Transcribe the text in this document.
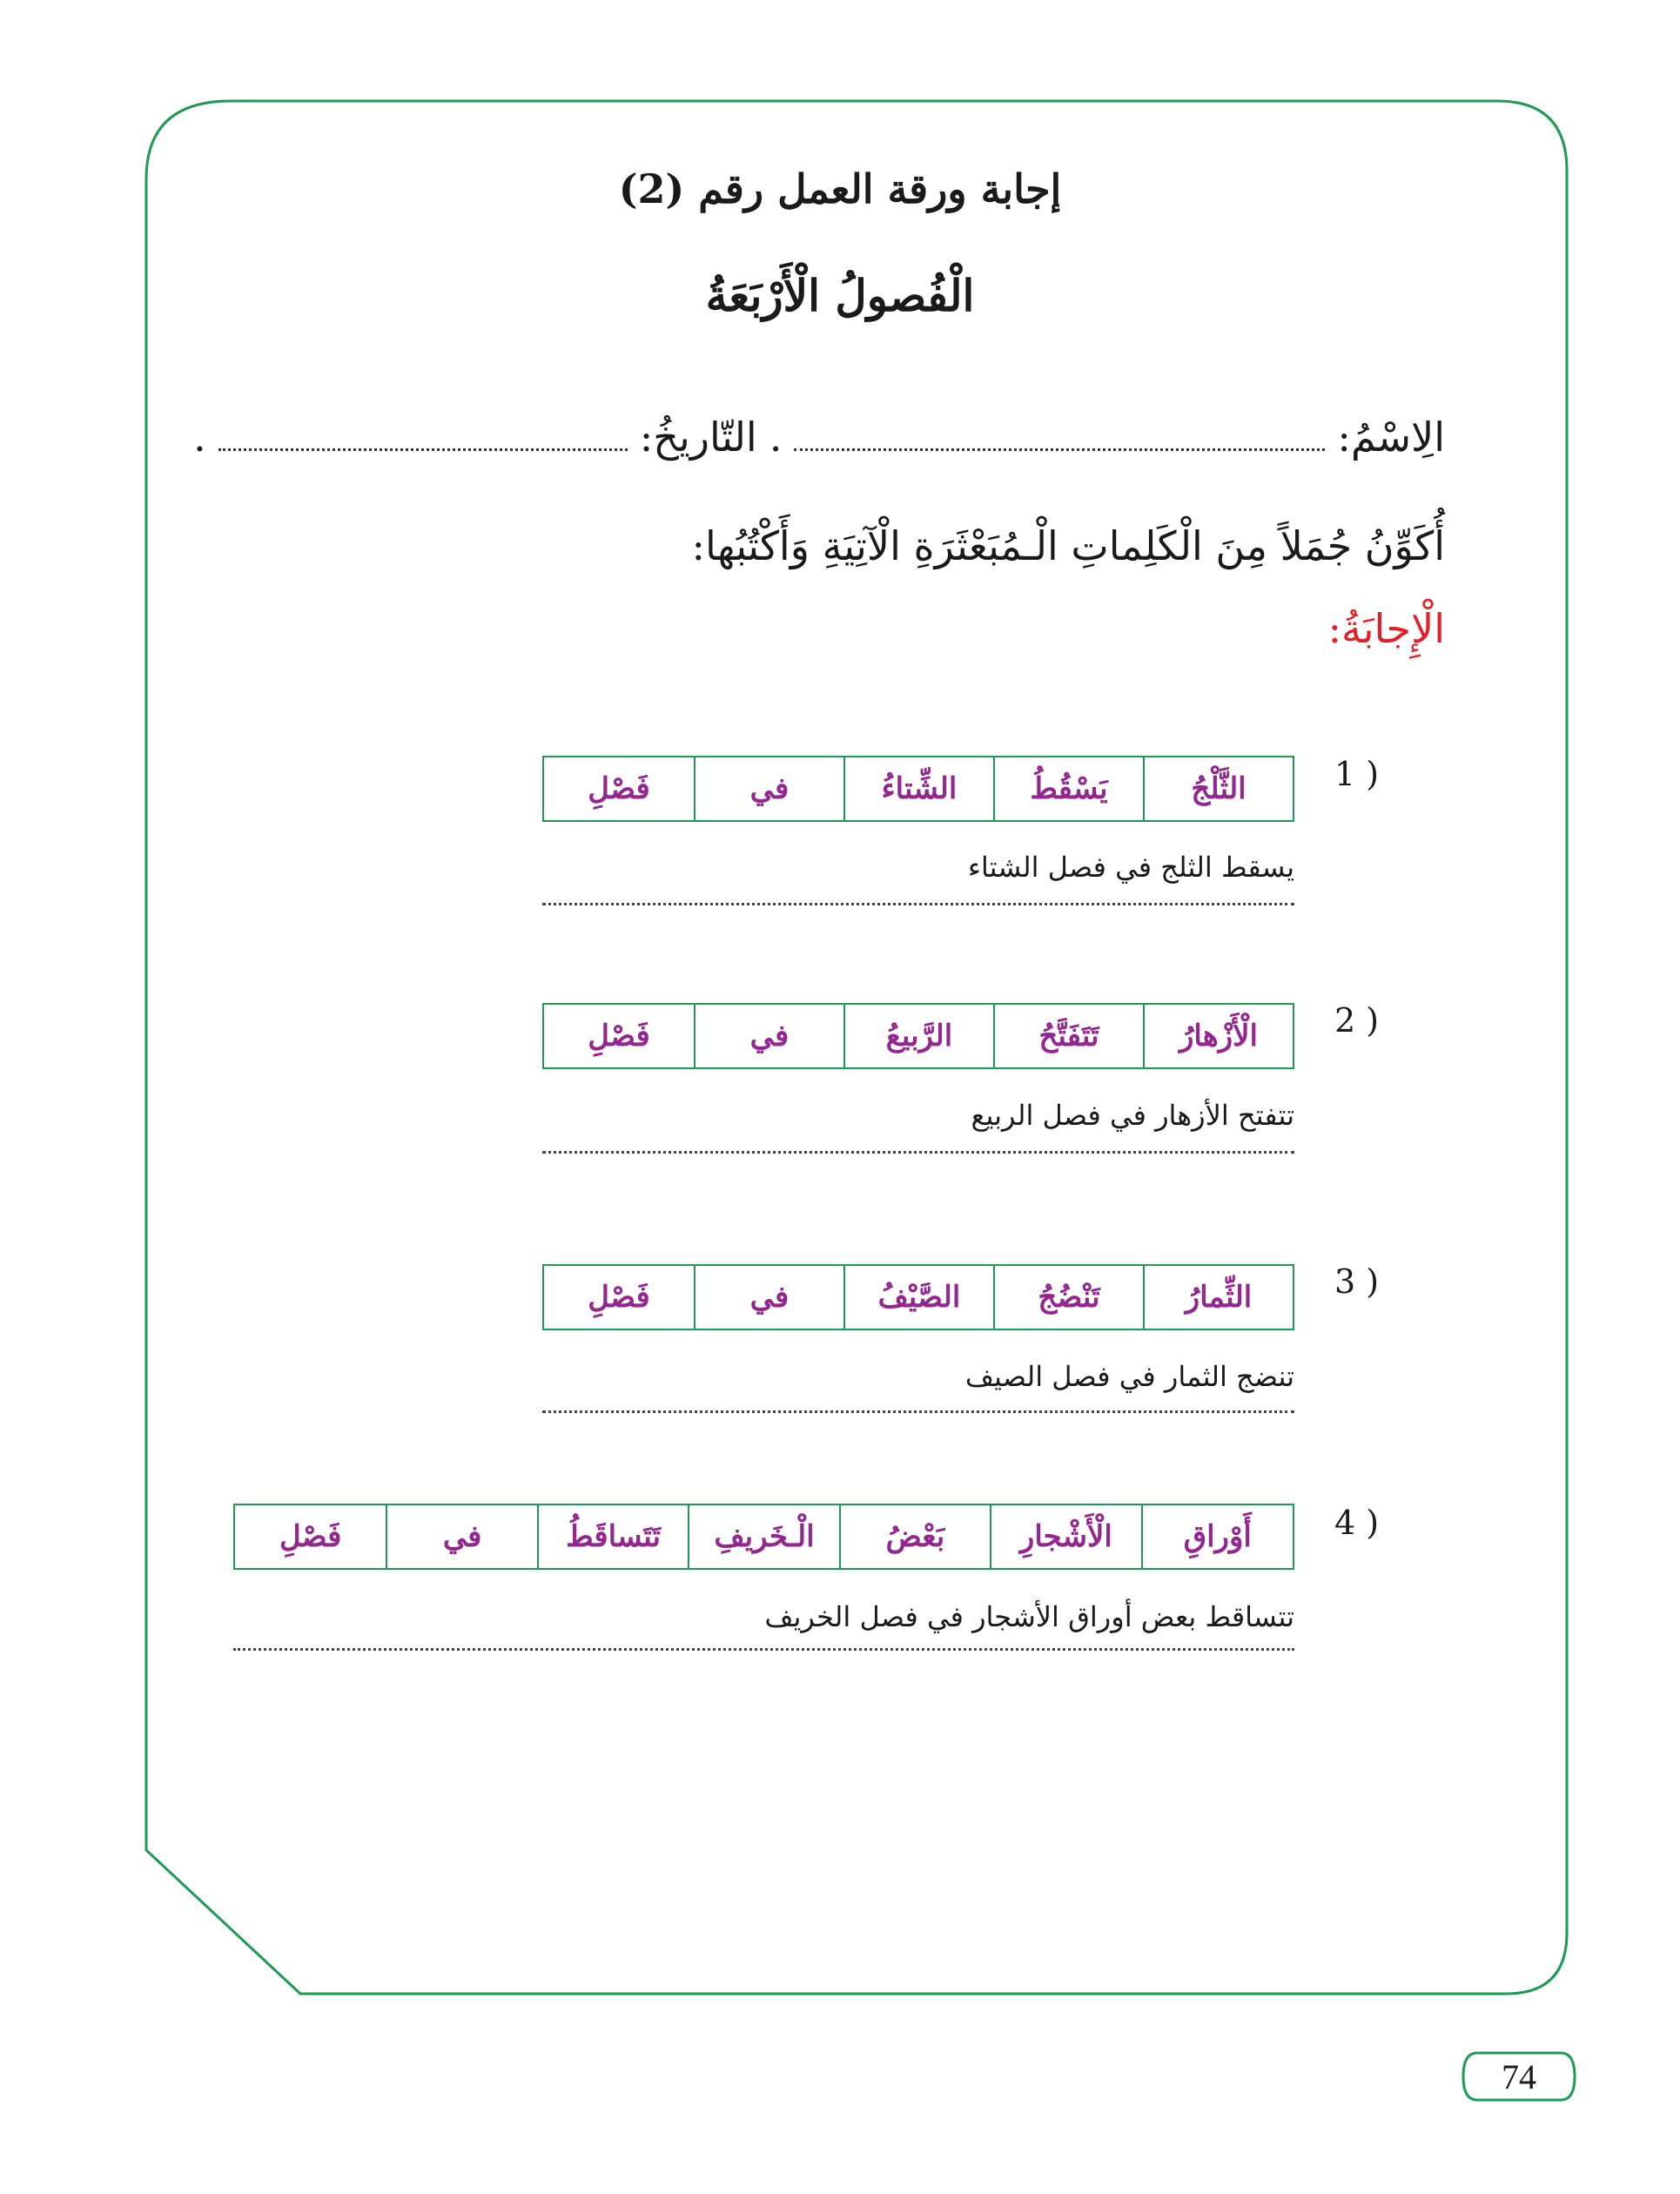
إجابة ورقة العمل رقم (2)
الْفُصولُ الْأَرْبَعَةُ
الِاسْمُ:
.
التّاريخُ:
.
أُكَوِّنُ جُمَلاً مِنَ الْكَلِماتِ الْـمُبَعْثَرَةِ الْآتِيَةِ وَأَكْتُبُها:
الْإِجابَةُ:
1 )
الثَّلْجُ
يَسْقُطُ
الشِّتاءُ
في
فَصْلِ
يسقط الثلج في فصل الشتاء
2 )
الْأَزْهارُ
تَتَفَتَّحُ
الرَّبيعُ
في
فَصْلِ
تتفتح الأزهار في فصل الربيع
3 )
الثِّمارُ
تَنْضُجُ
الصَّيْفُ
في
فَصْلِ
تنضج الثمار في فصل الصيف
4 )
أَوْراقِ
الْأَشْجارِ
بَعْضُ
الْـخَريفِ
تَتَساقَطُ
في
فَصْلِ
تتساقط بعض أوراق الأشجار في فصل الخريف
74
